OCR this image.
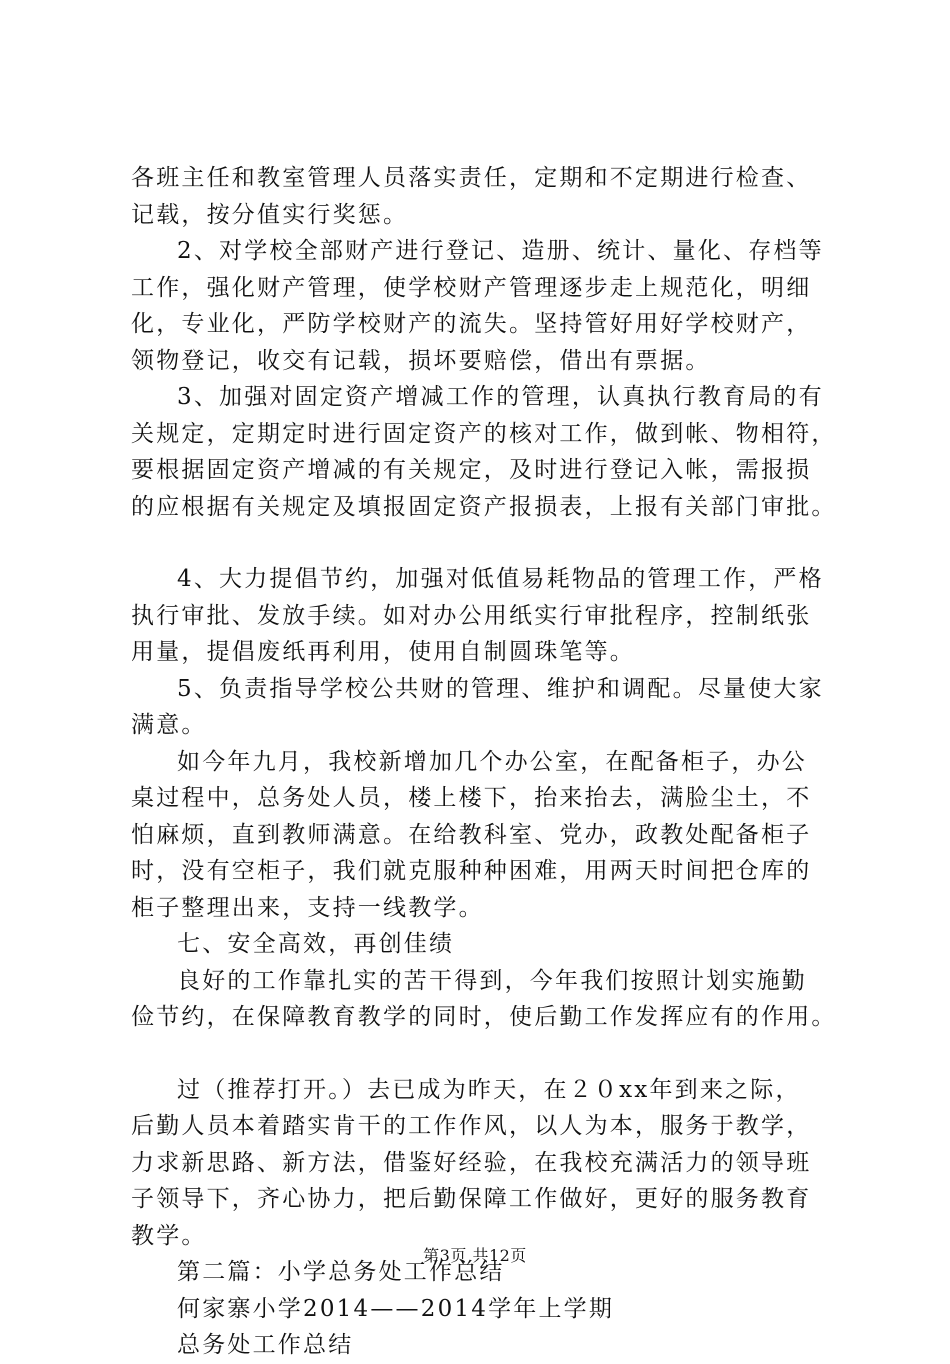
各班主任和教室管理人员落实责任，定期和不定期进行检查、
记载，按分值实行奖惩。
2、对学校全部财产进行登记、造册、统计、量化、存档等
工作，强化财产管理，使学校财产管理逐步走上规范化，明细
化，专业化，严防学校财产的流失。坚持管好用好学校财产，
领物登记，收交有记载，损坏要赔偿，借出有票据。
3、加强对固定资产增减工作的管理，认真执行教育局的有
关规定，定期定时进行固定资产的核对工作，做到帐、物相符，
要根据固定资产增减的有关规定，及时进行登记入帐，需报损
的应根据有关规定及填报固定资产报损表，上报有关部门审批。
4、大力提倡节约，加强对低值易耗物品的管理工作，严格
执行审批、发放手续。如对办公用纸实行审批程序，控制纸张
用量，提倡废纸再利用，使用自制圆珠笔等。
5、负责指导学校公共财的管理、维护和调配。尽量使大家
满意。
如今年九月，我校新增加几个办公室，在配备柜子，办公
桌过程中，总务处人员，楼上楼下，抬来抬去，满脸尘土，不
怕麻烦，直到教师满意。在给教科室、党办，政教处配备柜子
时，没有空柜子，我们就克服种种困难，用两天时间把仓库的
柜子整理出来，支持一线教学。
七、安全高效，再创佳绩
良好的工作靠扎实的苦干得到，今年我们按照计划实施勤
俭节约，在保障教育教学的同时，使后勤工作发挥应有的作用。
过（推荐打开。）去已成为昨天，在２０xx年到来之际，
后勤人员本着踏实肯干的工作作风，以人为本，服务于教学，
力求新思路、新方法，借鉴好经验，在我校充满活力的领导班
子领导下，齐心协力，把后勤保障工作做好，更好的服务教育
教学。
第二篇：小学总务处工作总结
何家寨小学2014——2014学年上学期
总务处工作总结
第3页 共12页
